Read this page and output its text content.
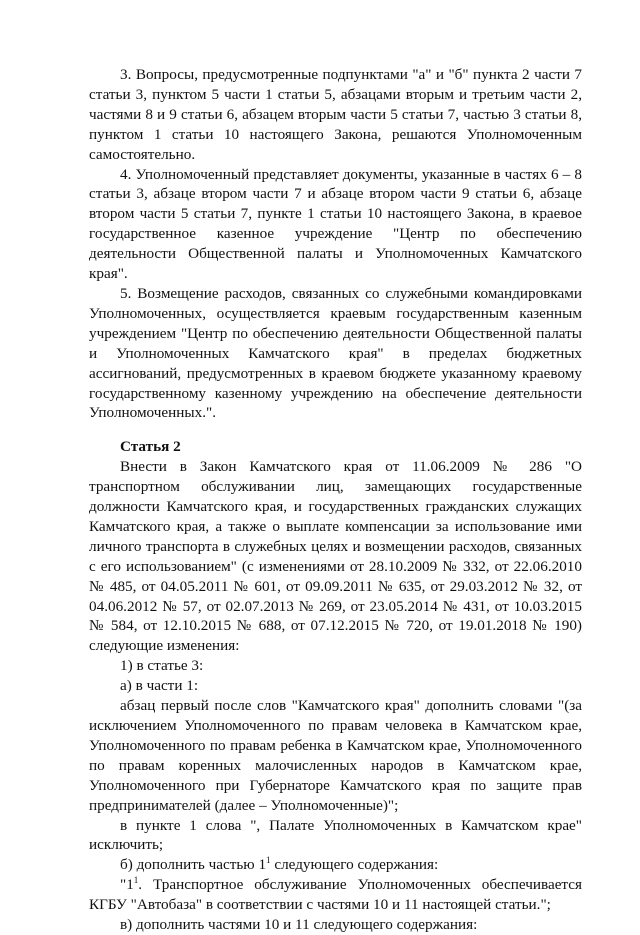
3. Вопросы, предусмотренные подпунктами "а" и "б" пункта 2 части 7 статьи 3, пунктом 5 части 1 статьи 5, абзацами вторым и третьим части 2, частями 8 и 9 статьи 6, абзацем вторым части 5 статьи 7, частью 3 статьи 8, пунктом 1 статьи 10 настоящего Закона, решаются Уполномоченным самостоятельно.

4. Уполномоченный представляет документы, указанные в частях 6 – 8 статьи 3, абзаце втором части 7 и абзаце втором части 9 статьи 6, абзаце втором части 5 статьи 7, пункте 1 статьи 10 настоящего Закона, в краевое государственное казенное учреждение "Центр по обеспечению деятельности Общественной палаты и Уполномоченных Камчатского края".

5. Возмещение расходов, связанных со служебными командировками Уполномоченных, осуществляется краевым государственным казенным учреждением "Центр по обеспечению деятельности Общественной палаты и Уполномоченных Камчатского края" в пределах бюджетных ассигнований, предусмотренных в краевом бюджете указанному краевому государственному казенному учреждению на обеспечение деятельности Уполномоченных.".

Статья 2

Внести в Закон Камчатского края от 11.06.2009 № 286 "О транспортном обслуживании лиц, замещающих государственные должности Камчатского края, и государственных гражданских служащих Камчатского края, а также о выплате компенсации за использование ими личного транспорта в служебных целях и возмещении расходов, связанных с его использованием" (с изменениями от 28.10.2009 № 332, от 22.06.2010 № 485, от 04.05.2011 № 601, от 09.09.2011 № 635, от 29.03.2012 № 32, от 04.06.2012 № 57, от 02.07.2013 № 269, от 23.05.2014 № 431, от 10.03.2015 № 584, от 12.10.2015 № 688, от 07.12.2015 № 720, от 19.01.2018 № 190) следующие изменения:

1) в статье 3:

а) в части 1:

абзац первый после слов "Камчатского края" дополнить словами "(за исключением Уполномоченного по правам человека в Камчатском крае, Уполномоченного по правам ребенка в Камчатском крае, Уполномоченного по правам коренных малочисленных народов в Камчатском крае, Уполномоченного при Губернаторе Камчатского края по защите прав предпринимателей (далее – Уполномоченные)";

в пункте 1 слова ", Палате Уполномоченных в Камчатском крае" исключить;

б) дополнить частью $1^1$ следующего содержания:

"$1^1$. Транспортное обслуживание Уполномоченных обеспечивается КГБУ "Автобаза" в соответствии с частями 10 и 11 настоящей статьи.";

в) дополнить частями 10 и 11 следующего содержания:
